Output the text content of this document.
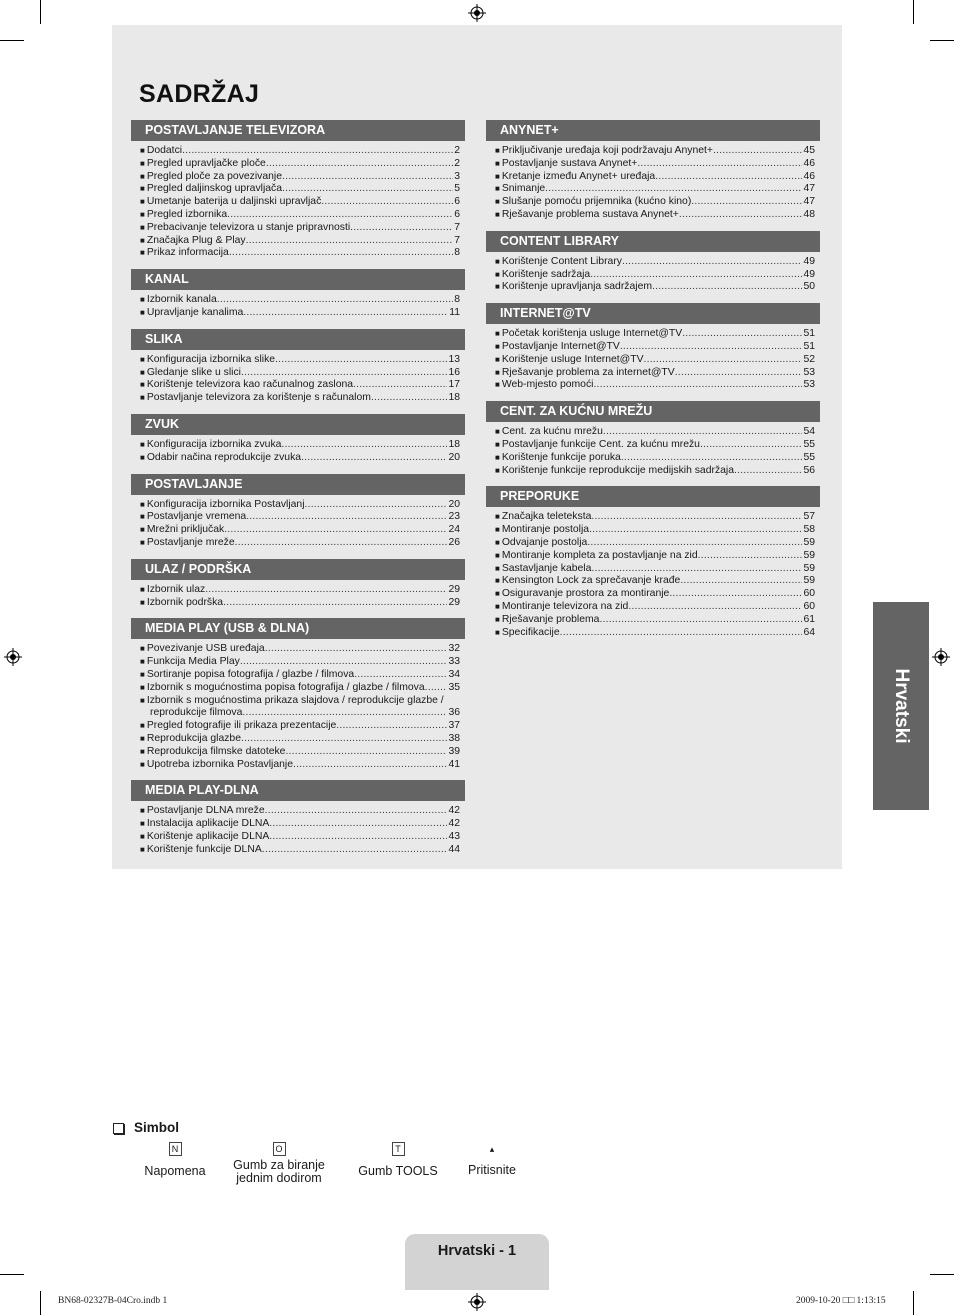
SADRŽAJ
POSTAVLJANJE TELEVIZORA
■ Dodatci .....	2
■ Pregled upravljačke ploče .....	2
■ Pregled ploče za povezivanje .....	3
■ Pregled daljinskog upravljača .....	5
■ Umetanje baterija u daljinski upravljač .....	6
■ Pregled izbornika .....	6
■ Prebacivanje televizora u stanje pripravnosti .....	7
■ Značajka Plug & Play .....	7
■ Prikaz informacija .....	8
KANAL
■ Izbornik kanala .....	8
■ Upravljanje kanalima .....	11
SLIKA
■ Konfiguracija izbornika slike .....	13
■ Gledanje slike u slici .....	16
■ Korištenje televizora kao računalnog zaslona .....	17
■ Postavljanje televizora za korištenje s računalom .....	18
ZVUK
■ Konfiguracija izbornika zvuka .....	18
■ Odabir načina reprodukcije zvuka .....	20
POSTAVLJANJE
■ Konfiguracija izbornika Postavljanj .....	20
■ Postavljanje vremena .....	23
■ Mrežni priključak .....	24
■ Postavljanje mreže .....	26
ULAZ / PODRŠKA
■ Izbornik ulaz .....	29
■ Izbornik podrška .....	29
MEDIA PLAY (USB & DLNA)
■ Povezivanje USB uređaja .....	32
■ Funkcija Media Play .....	33
■ Sortiranje popisa fotografija / glazbe / filmova .....	34
■ Izbornik s mogućnostima popisa fotografija / glazbe / filmova ..... 35
■ Izbornik s mogućnostima prikaza slajdova / reprodukcije glazbe /
reprodukcije filmova .....	36
■ Pregled fotografije ili prikaza prezentacije .....	37
■ Reprodukcija glazbe .....	38
■ Reprodukcija filmske datoteke .....	39
■ Upotreba izbornika Postavljanje .....	41
MEDIA PLAY-DLNA
■ Postavljanje DLNA mreže .....	42
■ Instalacija aplikacije DLNA .....	42
■ Korištenje aplikacije DLNA .....	43
■ Korištenje funkcije DLNA .....	44
ANYNET+
■ Priključivanje uređaja koji podržavaju Anynet+ .....	45
■ Postavljanje sustava Anynet+ .....	46
■ Kretanje između Anynet+ uređaja .....	46
■ Snimanje .....	47
■ Slušanje pomoću prijemnika (kućno kino) .....	47
■ Rješavanje problema sustava Anynet+ .....	48
CONTENT LIBRARY
■ Korištenje Content Library .....	49
■ Korištenje sadržaja .....	49
■ Korištenje upravljanja sadržajem .....	50
INTERNET@TV
■ Početak korištenja usluge Internet@TV .....	51
■ Postavljanje Internet@TV .....	51
■ Korištenje usluge Internet@TV .....	52
■ Rješavanje problema za internet@TV .....	53
■ Web-mjesto pomoći .....	53
CENT. ZA KUĆNU MREŽU
■ Cent. za kućnu mrežu .....	54
■ Postavljanje funkcije Cent. za kućnu mrežu .....	55
■ Korištenje funkcije poruka .....	55
■ Korištenje funkcije reprodukcije medijskih sadržaja .....	56
PREPORUKE
■ Značajka teleteksta .....	57
■ Montiranje postolja .....	58
■ Odvajanje postolja .....	59
■ Montiranje kompleta za postavljanje na zid .....	59
■ Sastavljanje kabela .....	59
■ Kensington Lock za sprečavanje krađe .....	59
■ Osiguravanje prostora za montiranje .....	60
■ Montiranje televizora na zid .....	60
■ Rješavanje problema .....	61
■ Specifikacije .....	64
Hrvatski
Simbol
N
Napomena
O
Gumb za biranje jednim dodirom
T
Gumb TOOLS
▴
Pritisnite
Hrvatski - 1
BN68-02327B-04Cro.indb 1	2009-10-20 □□ 1:13:15
